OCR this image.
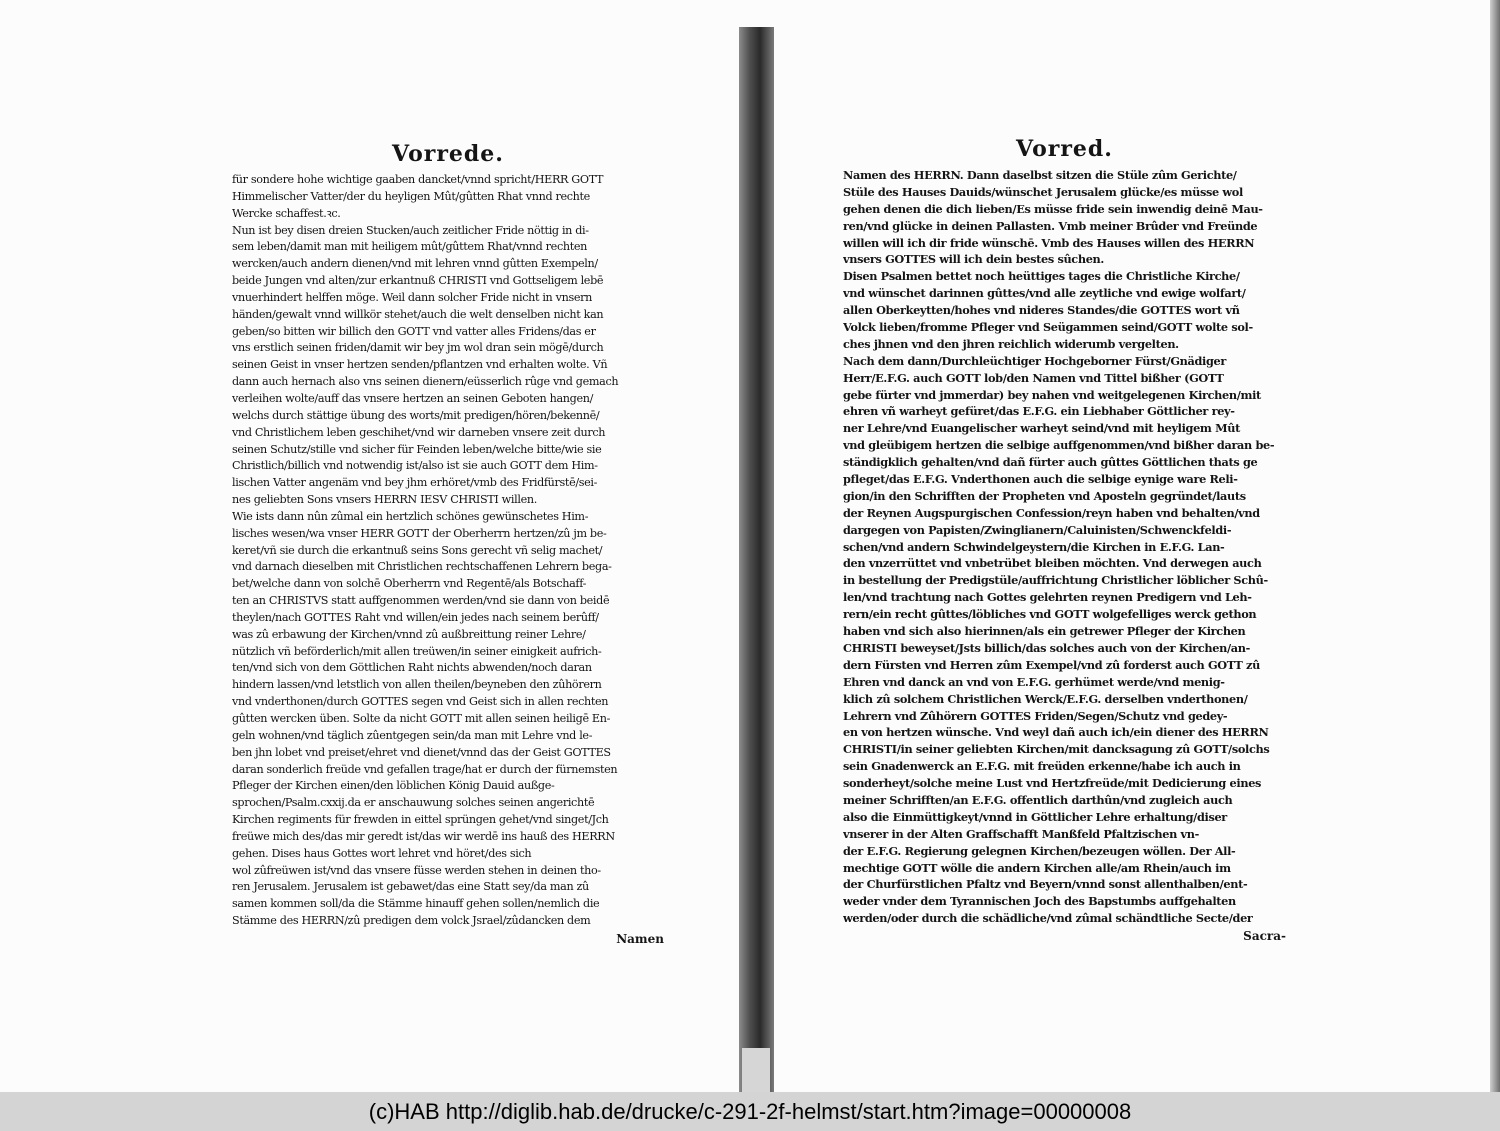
Vorrede.
für sondere hohe wichtige gaaben dancket/vnnd spricht/HERR GOTT
Himmelischer Vatter/der du heyligen Mût/gûtten Rhat vnnd rechte
Wercke schaffest.ꝛc.
Nun ist bey disen dreien Stucken/auch zeitlicher Fride nöttig in di-
sem leben/damit man mit heiligem mût/gûttem Rhat/vnnd rechten
wercken/auch andern dienen/vnd mit lehren vnnd gûtten Exempeln/
beide Jungen vnd alten/zur erkantnuß CHRISTI vnd Gottseligem lebē
vnuerhindert helffen möge. Weil dann solcher Fride nicht in vnsern
händen/gewalt vnnd willkör stehet/auch die welt denselben nicht kan
geben/so bitten wir billich den GOTT vnd vatter alles Fridens/das er
vns erstlich seinen friden/damit wir bey jm wol dran sein mögē/durch
seinen Geist in vnser hertzen senden/pflantzen vnd erhalten wolte. Vñ
dann auch hernach also vns seinen dienern/eüsserlich rûge vnd gemach
verleihen wolte/auff das vnsere hertzen an seinen Geboten hangen/
welchs durch stättige übung des worts/mit predigen/hören/bekennē/
vnd Christlichem leben geschihet/vnd wir darneben vnsere zeit durch
seinen Schutz/stille vnd sicher für Feinden leben/welche bitte/wie sie
Christlich/billich vnd notwendig ist/also ist sie auch GOTT dem Him-
lischen Vatter angenäm vnd bey jhm erhöret/vmb des Fridfürstē/sei-
nes geliebten Sons vnsers HERRN IESV CHRISTI willen.
Wie ists dann nûn zûmal ein hertzlich schönes gewünschetes Him-
lisches wesen/wa vnser HERR GOTT der Oberherrn hertzen/zû jm be-
keret/vñ sie durch die erkantnuß seins Sons gerecht vñ selig machet/
vnd darnach dieselben mit Christlichen rechtschaffenen Lehrern bega-
bet/welche dann von solchē Oberherrn vnd Regentē/als Botschaff-
ten an CHRISTVS statt auffgenommen werden/vnd sie dann von beidē
theylen/nach GOTTES Raht vnd willen/ein jedes nach seinem berûff/
was zû erbawung der Kirchen/vnnd zû außbreittung reiner Lehre/
nützlich vñ beförderlich/mit allen treüwen/in seiner einigkeit aufrich-
ten/vnd sich von dem Göttlichen Raht nichts abwenden/noch daran
hindern lassen/vnd letstlich von allen theilen/beyneben den zûhörern
vnd vnderthonen/durch GOTTES segen vnd Geist sich in allen rechten
gûtten wercken üben. Solte da nicht GOTT mit allen seinen heiligē En-
geln wohnen/vnd täglich zûentgegen sein/da man mit Lehre vnd le-
ben jhn lobet vnd preiset/ehret vnd dienet/vnnd das der Geist GOTTES
daran sonderlich freüde vnd gefallen trage/hat er durch der fürnemsten
Pfleger der Kirchen einen/den löblichen König Dauid außge-
sprochen/Psalm.cxxij.da er anschauwung solches seinen angerichtē
Kirchen regiments für frewden in eittel sprüngen gehet/vnd singet/Jch
freüwe mich des/das mir geredt ist/das wir werdē ins hauß des HERRN
gehen. Dises haus Gottes wort lehret vnd höret/des sich
wol zûfreüwen ist/vnd das vnsere füsse werden stehen in deinen tho-
ren Jerusalem. Jerusalem ist gebawet/das eine Statt sey/da man zû
samen kommen soll/da die Stämme hinauff gehen sollen/nemlich die
Stämme des HERRN/zû predigen dem volck Jsrael/zûdancken dem
Namen
Vorred.
Namen des HERRN. Dann daselbst sitzen die Stüle zûm Gerichte/
Stüle des Hauses Dauids/wünschet Jerusalem glücke/es müsse wol
gehen denen die dich lieben/Es müsse fride sein inwendig deinē Mau-
ren/vnd glücke in deinen Pallasten. Vmb meiner Brûder vnd Freünde
willen will ich dir fride wünschē. Vmb des Hauses willen des HERRN
vnsers GOTTES will ich dein bestes sûchen.
Disen Psalmen bettet noch heüttiges tages die Christliche Kirche/
vnd wünschet darinnen gûttes/vnd alle zeytliche vnd ewige wolfart/
allen Oberkeytten/hohes vnd nideres Standes/die GOTTES wort vñ
Volck lieben/fromme Pfleger vnd Seügammen seind/GOTT wolte sol-
ches jhnen vnd den jhren reichlich widerumb vergelten.
Nach dem dann/Durchleüchtiger Hochgeborner Fürst/Gnädiger
Herr/E.F.G. auch GOTT lob/den Namen vnd Tittel bißher (GOTT
gebe fürter vnd jmmerdar) bey nahen vnd weitgelegenen Kirchen/mit
ehren vñ warheyt gefüret/das E.F.G. ein Liebhaber Göttlicher rey-
ner Lehre/vnd Euangelischer warheyt seind/vnd mit heyligem Mût
vnd gleübigem hertzen die selbige auffgenommen/vnd bißher daran be-
ständigklich gehalten/vnd dañ fürter auch gûttes Göttlichen thats ge
pfleget/das E.F.G. Vnderthonen auch die selbige eynige ware Reli-
gion/in den Schrifften der Propheten vnd Aposteln gegründet/lauts
der Reynen Augspurgischen Confession/reyn haben vnd behalten/vnd
dargegen von Papisten/Zwinglianern/Caluinisten/Schwenckfeldi-
schen/vnd andern Schwindelgeystern/die Kirchen in E.F.G. Lan-
den vnzerrüttet vnd vnbetrübet bleiben möchten. Vnd derwegen auch
in bestellung der Predigstüle/auffrichtung Christlicher löblicher Schû-
len/vnd trachtung nach Gottes gelehrten reynen Predigern vnd Leh-
rern/ein recht gûttes/löbliches vnd GOTT wolgefelliges werck gethon
haben vnd sich also hierinnen/als ein getrewer Pfleger der Kirchen
CHRISTI beweyset/Jsts billich/das solches auch von der Kirchen/an-
dern Fürsten vnd Herren zûm Exempel/vnd zû forderst auch GOTT zû
Ehren vnd danck an vnd von E.F.G. gerhümet werde/vnd menig-
klich zû solchem Christlichen Werck/E.F.G. derselben vnderthonen/
Lehrern vnd Zûhörern GOTTES Friden/Segen/Schutz vnd gedey-
en von hertzen wünsche. Vnd weyl dañ auch ich/ein diener des HERRN
CHRISTI/in seiner geliebten Kirchen/mit dancksagung zû GOTT/solchs
sein Gnadenwerck an E.F.G. mit freüden erkenne/habe ich auch in
sonderheyt/solche meine Lust vnd Hertzfreüde/mit Dedicierung eines
meiner Schrifften/an E.F.G. offentlich darthûn/vnd zugleich auch
also die Einmüttigkeyt/vnnd in Göttlicher Lehre erhaltung/diser
vnserer in der Alten Graffschafft Manßfeld Pfaltzischen vn-
der E.F.G. Regierung gelegnen Kirchen/bezeugen wöllen. Der All-
mechtige GOTT wölle die andern Kirchen alle/am Rhein/auch im
der Churfürstlichen Pfaltz vnd Beyern/vnnd sonst allenthalben/ent-
weder vnder dem Tyrannischen Joch des Bapstumbs auffgehalten
werden/oder durch die schädliche/vnd zûmal schändtliche Secte/der
Sacra-
(c)HAB http://diglib.hab.de/drucke/c-291-2f-helmst/start.htm?image=00000008
